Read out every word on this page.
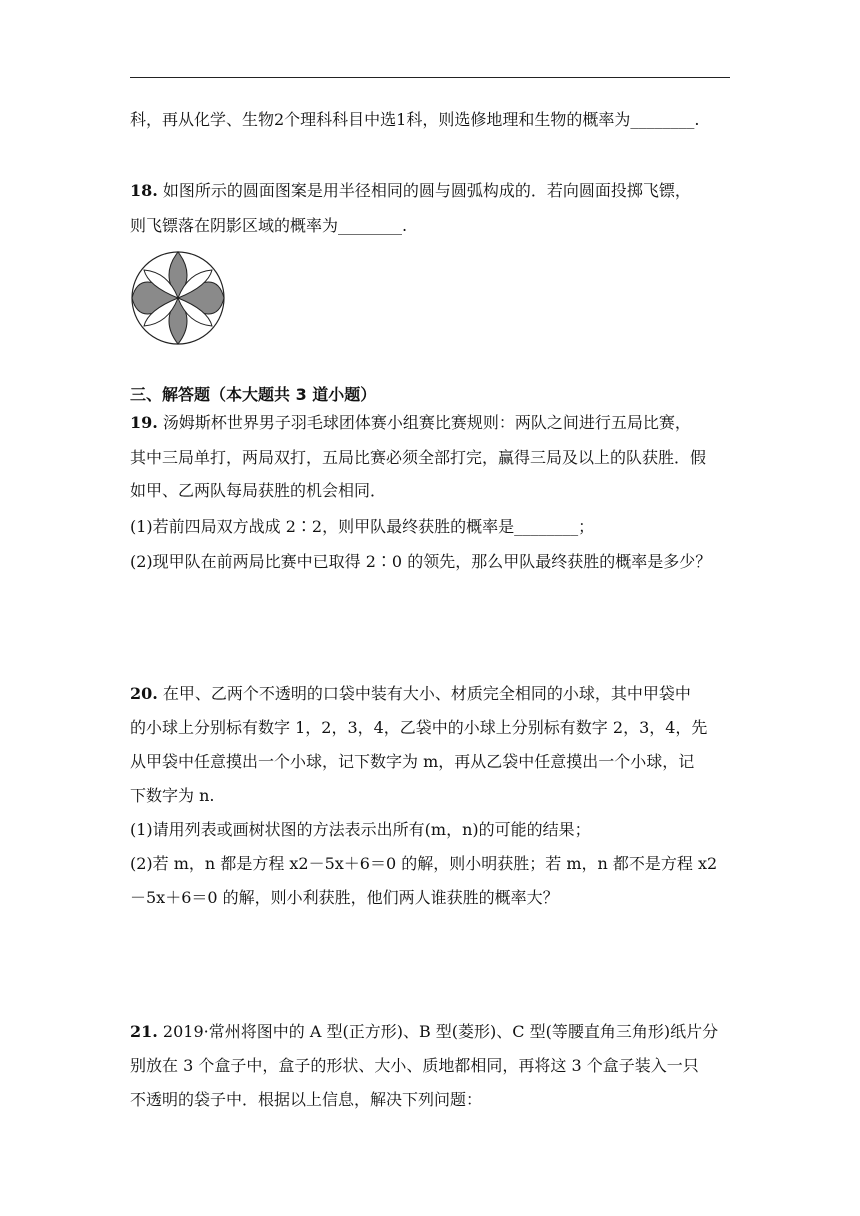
科，再从化学、生物2个理科科目中选1科，则选修地理和生物的概率为________.
18. 如图所示的圆面图案是用半径相同的圆与圆弧构成的．若向圆面投掷飞镖，
则飞镖落在阴影区域的概率为________.
三、解答题（本大题共 3 道小题）
19. 汤姆斯杯世界男子羽毛球团体赛小组赛比赛规则：两队之间进行五局比赛，
其中三局单打，两局双打，五局比赛必须全部打完，赢得三局及以上的队获胜．假
如甲、乙两队每局获胜的机会相同．
(1)若前四局双方战成 2∶2，则甲队最终获胜的概率是________；
(2)现甲队在前两局比赛中已取得 2∶0 的领先，那么甲队最终获胜的概率是多少？
20. 在甲、乙两个不透明的口袋中装有大小、材质完全相同的小球，其中甲袋中
的小球上分别标有数字 1，2，3，4，乙袋中的小球上分别标有数字 2，3，4，先
从甲袋中任意摸出一个小球，记下数字为 m，再从乙袋中任意摸出一个小球，记
下数字为 n.
(1)请用列表或画树状图的方法表示出所有(m，n)的可能的结果；
(2)若 m，n 都是方程 x2－5x＋6＝0 的解，则小明获胜；若 m，n 都不是方程 x2
－5x＋6＝0 的解，则小利获胜，他们两人谁获胜的概率大？
21. 2019·常州将图中的 A 型(正方形)、B 型(菱形)、C 型(等腰直角三角形)纸片分
别放在 3 个盒子中，盒子的形状、大小、质地都相同，再将这 3 个盒子装入一只
不透明的袋子中．根据以上信息，解决下列问题：
